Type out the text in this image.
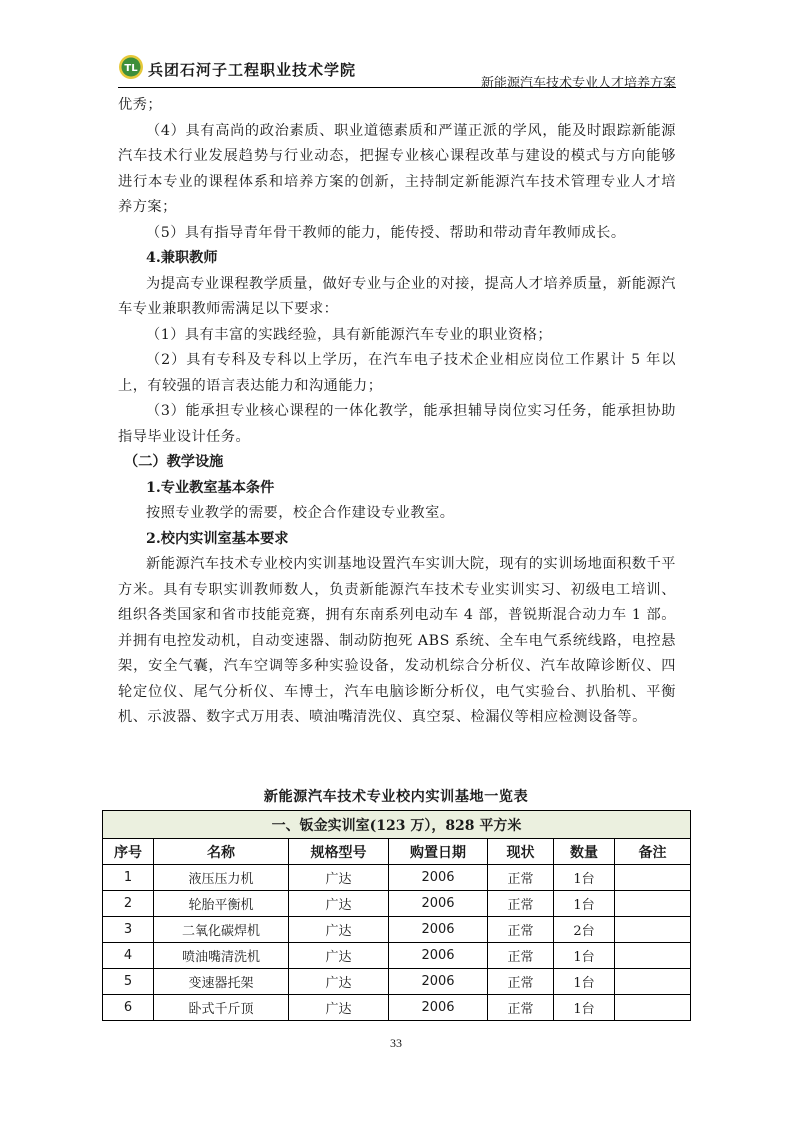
TL 兵团石河子工程职业技术学院
新能源汽车技术专业人才培养方案

优秀；

（4）具有高尚的政治素质、职业道德素质和严谨正派的学风，能及时跟踪新能源汽车技术行业发展趋势与行业动态，把握专业核心课程改革与建设的模式与方向能够进行本专业的课程体系和培养方案的创新，主持制定新能源汽车技术管理专业人才培养方案；

（5）具有指导青年骨干教师的能力，能传授、帮助和带动青年教师成长。

4.兼职教师

为提高专业课程教学质量，做好专业与企业的对接，提高人才培养质量，新能源汽车专业兼职教师需满足以下要求：

（1）具有丰富的实践经验，具有新能源汽车专业的职业资格；

（2）具有专科及专科以上学历，在汽车电子技术企业相应岗位工作累计 5 年以上，有较强的语言表达能力和沟通能力；

（3）能承担专业核心课程的一体化教学，能承担辅导岗位实习任务，能承担协助指导毕业设计任务。

（二）教学设施

1.专业教室基本条件

按照专业教学的需要，校企合作建设专业教室。

2.校内实训室基本要求

新能源汽车技术专业校内实训基地设置汽车实训大院，现有的实训场地面积数千平方米。具有专职实训教师数人，负责新能源汽车技术专业实训实习、初级电工培训、组织各类国家和省市技能竞赛，拥有东南系列电动车 4 部，普锐斯混合动力车 1 部。并拥有电控发动机，自动变速器、制动防抱死 ABS 系统、全车电气系统线路，电控悬架，安全气囊，汽车空调等多种实验设备，发动机综合分析仪、汽车故障诊断仪、四轮定位仪、尾气分析仪、车博士，汽车电脑诊断分析仪，电气实验台、扒胎机、平衡机、示波器、数字式万用表、喷油嘴清洗仪、真空泵、检漏仪等相应检测设备等。

新能源汽车技术专业校内实训基地一览表
一、钣金实训室(123 万），828 平方米						
序号	名称	规格型号	购置日期	现状	数量	备注
1	液压压力机	广达	2006	正常	1台	
2	轮胎平衡机	广达	2006	正常	1台	
3	二氧化碳焊机	广达	2006	正常	2台	
4	喷油嘴清洗机	广达	2006	正常	1台	
5	变速器托架	广达	2006	正常	1台	
6	卧式千斤顶	广达	2006	正常	1台	
33
